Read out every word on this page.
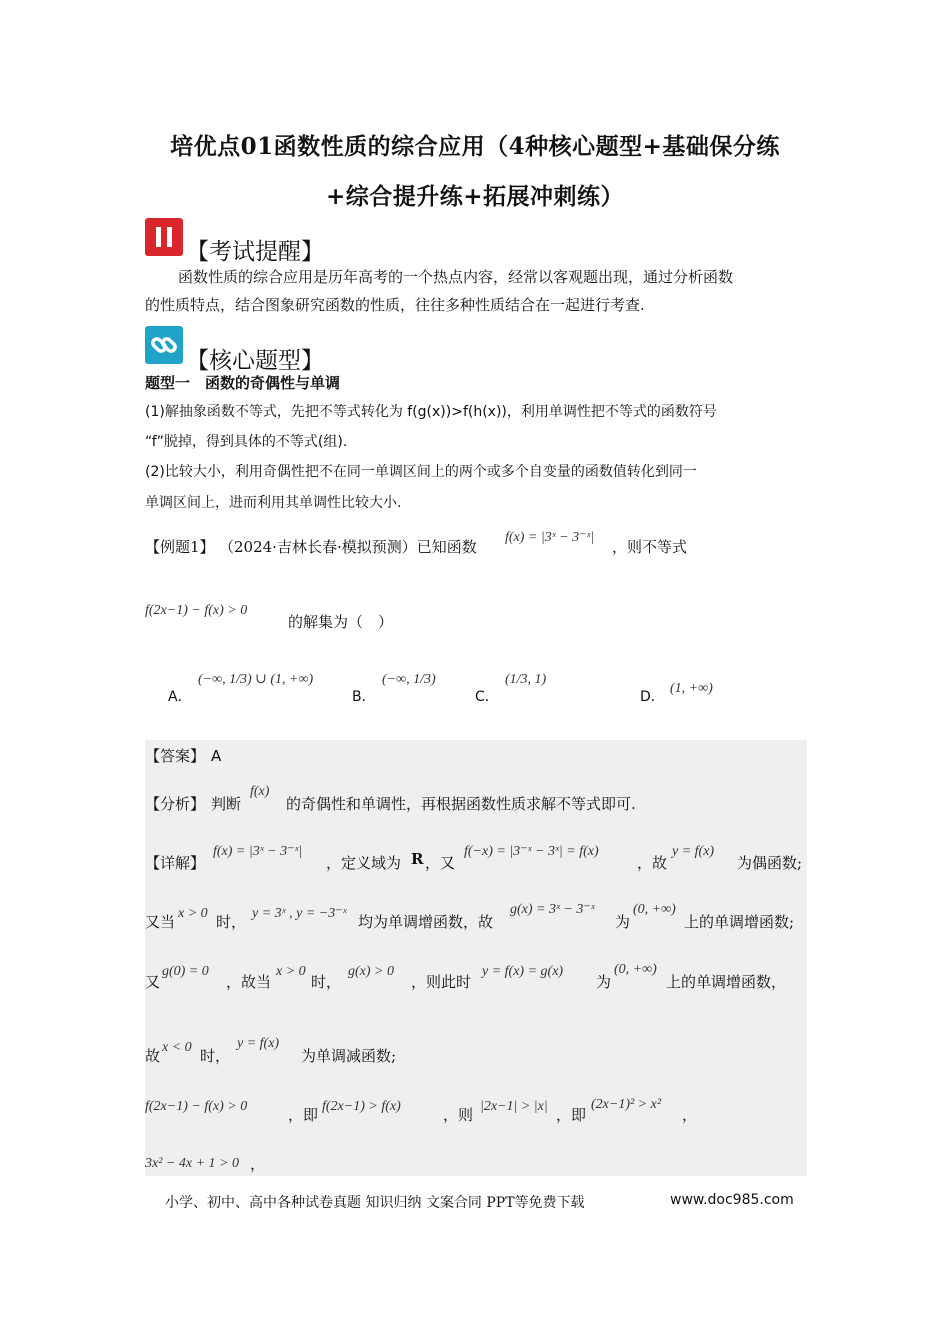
培优点01函数性质的综合应用（4种核心题型+基础保分练
+综合提升练+拓展冲刺练）
【考试提醒】
函数性质的综合应用是历年高考的一个热点内容，经常以客观题出现，通过分析函数
的性质特点，结合图象研究函数的性质，往往多种性质结合在一起进行考查.
【核心题型】
题型一　函数的奇偶性与单调
(1)解抽象函数不等式，先把不等式转化为 f(g(x))>f(h(x))，利用单调性把不等式的函数符号
“f”脱掉，得到具体的不等式(组).
(2)比较大小，利用奇偶性把不在同一单调区间上的两个或多个自变量的函数值转化到同一
单调区间上，进而利用其单调性比较大小.
【例题1】 （2024·吉林长春·模拟预测）已知函数
f(x) = |3ˣ − 3⁻ˣ|
，则不等式
f(2x−1) − f(x) > 0
的解集为（　）
A．
(−∞, 1/3) ∪ (1, +∞)
B．
(−∞, 1/3)
C．
(1/3, 1)
D．
(1, +∞)
【答案】 A
【分析】 判断
f(x)
的奇偶性和单调性，再根据函数性质求解不等式即可.
【详解】
f(x) = |3ˣ − 3⁻ˣ|
，定义域为 R ，又
f(−x) = |3⁻ˣ − 3ˣ| = f(x)
，故
y = f(x)
为偶函数;
又当 x > 0 时， y = 3ˣ , y = −3⁻ˣ 均为单调增函数，故
g(x) = 3ˣ − 3⁻ˣ
为
(0, +∞)
上的单调增函数;
又
g(0) = 0
，故当
x > 0
时，
g(x) > 0
，则此时
y = f(x) = g(x)
为
(0, +∞)
上的单调增函数，
故 x < 0 时，
y = f(x)
为单调减函数;
f(2x−1) − f(x) > 0	，即 f(2x−1) > f(x)	，则 |2x−1| > |x| ，即
(2x−1)² > x²
，
3x² − 4x + 1 > 0 ，
小学、初中、高中各种试卷真题 知识归纳 文案合同 PPT等免费下载	www.doc985.com
